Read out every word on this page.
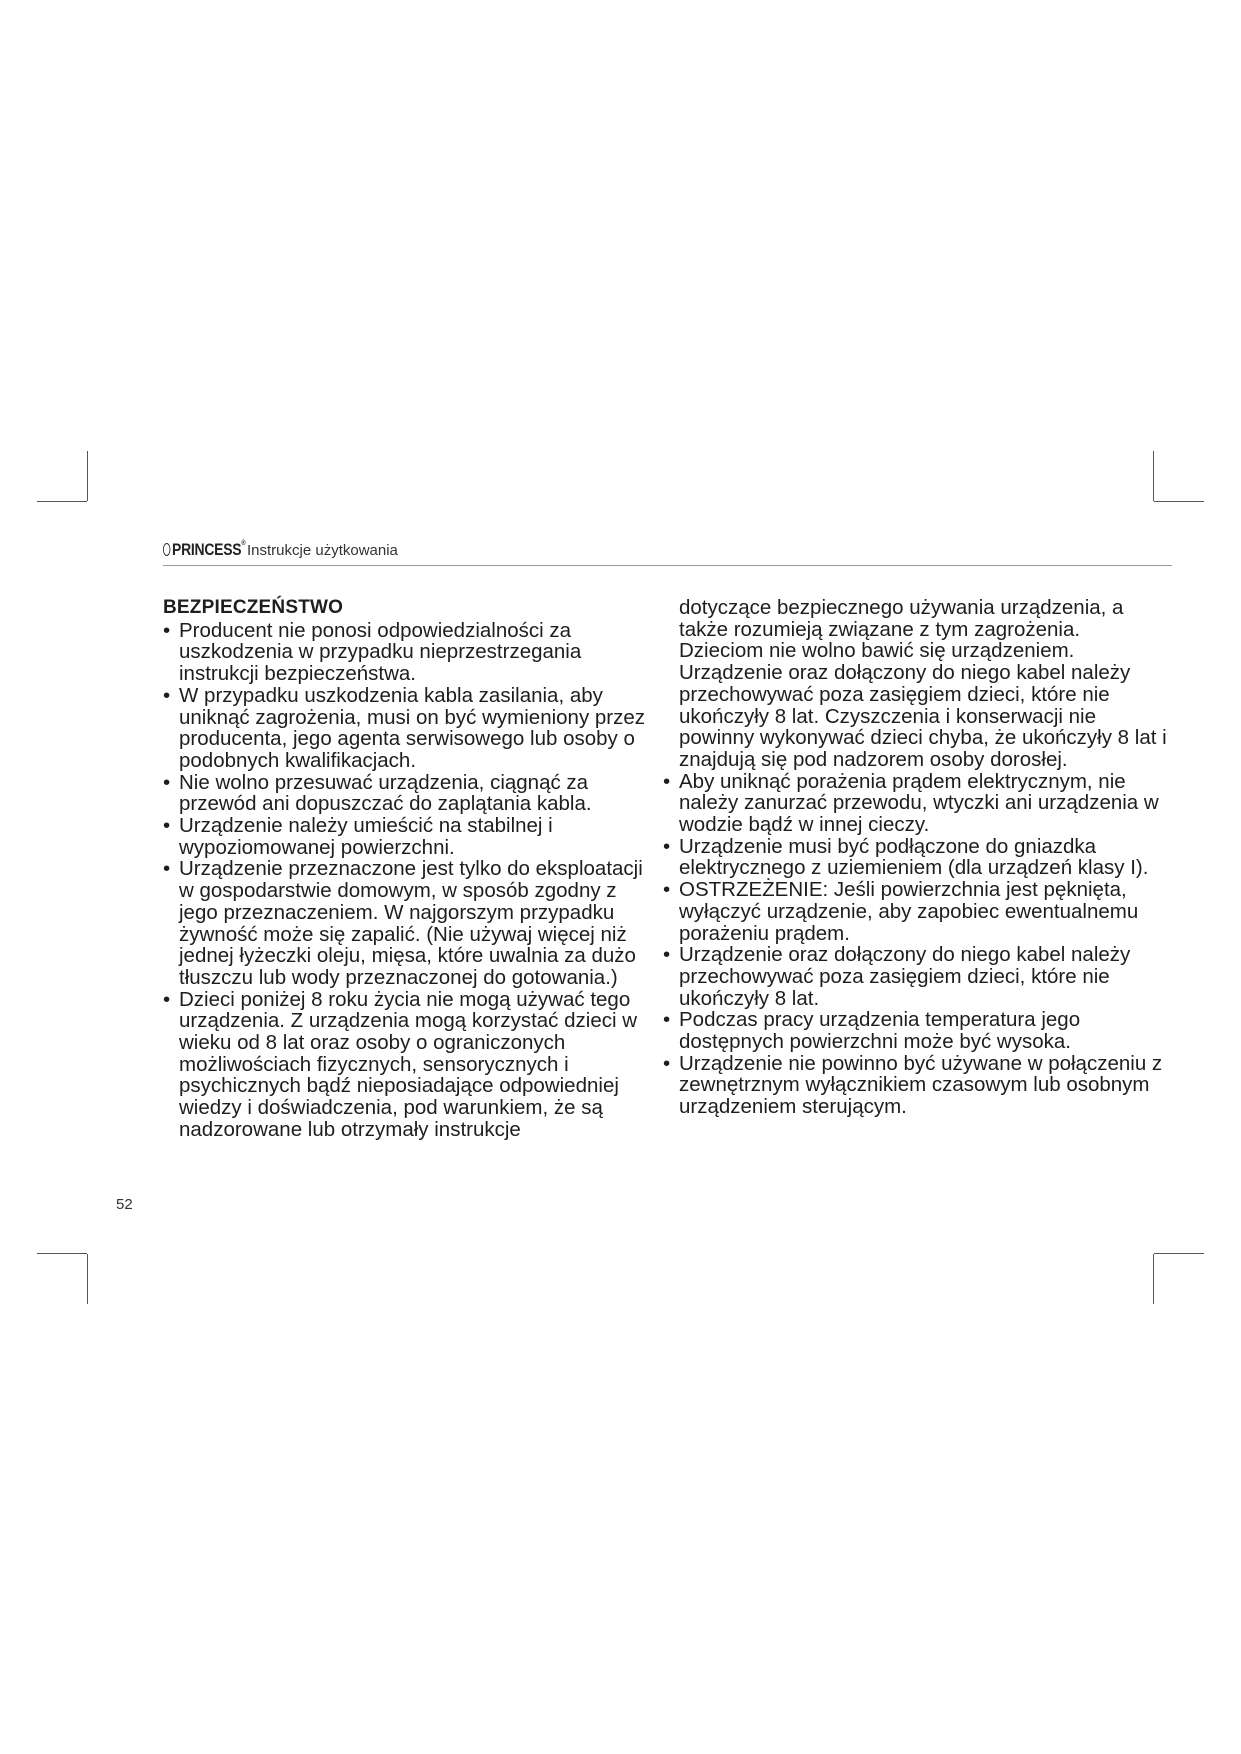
PRINCESS® Instrukcje użytkowania
BEZPIECZEŃSTWO
• Producent nie ponosi odpowiedzialności za uszkodzenia w przypadku nieprzestrzegania instrukcji bezpieczeństwa.
• W przypadku uszkodzenia kabla zasilania, aby uniknąć zagrożenia, musi on być wymieniony przez producenta, jego agenta serwisowego lub osoby o podobnych kwalifikacjach.
• Nie wolno przesuwać urządzenia, ciągnąć za przewód ani dopuszczać do zaplątania kabla.
• Urządzenie należy umieścić na stabilnej i wypoziomowanej powierzchni.
• Urządzenie przeznaczone jest tylko do eksploatacji w gospodarstwie domowym, w sposób zgodny z jego przeznaczeniem. W najgorszym przypadku żywność może się zapalić. (Nie używaj więcej niż jednej łyżeczki oleju, mięsa, które uwalnia za dużo tłuszczu lub wody przeznaczonej do gotowania.)
• Dzieci poniżej 8 roku życia nie mogą używać tego urządzenia. Z urządzenia mogą korzystać dzieci w wieku od 8 lat oraz osoby o ograniczonych możliwościach fizycznych, sensorycznych i psychicznych bądź nieposiadające odpowiedniej wiedzy i doświadczenia, pod warunkiem, że są nadzorowane lub otrzymały instrukcje

dotyczące bezpiecznego używania urządzenia, a także rozumieją związane z tym zagrożenia. Dzieciom nie wolno bawić się urządzeniem. Urządzenie oraz dołączony do niego kabel należy przechowywać poza zasięgiem dzieci, które nie ukończyły 8 lat. Czyszczenia i konserwacji nie powinny wykonywać dzieci chyba, że ukończyły 8 lat i znajdują się pod nadzorem osoby dorosłej.

• Aby uniknąć porażenia prądem elektrycznym, nie należy zanurzać przewodu, wtyczki ani urządzenia w wodzie bądź w innej cieczy.
• Urządzenie musi być podłączone do gniazdka elektrycznego z uziemieniem (dla urządzeń klasy I).
• OSTRZEŻENIE: Jeśli powierzchnia jest pęknięta, wyłączyć urządzenie, aby zapobiec ewentualnemu porażeniu prądem.
• Urządzenie oraz dołączony do niego kabel należy przechowywać poza zasięgiem dzieci, które nie ukończyły 8 lat.
• Podczas pracy urządzenia temperatura jego dostępnych powierzchni może być wysoka.
• Urządzenie nie powinno być używane w połączeniu z zewnętrznym wyłącznikiem czasowym lub osobnym urządzeniem sterującym.
52
